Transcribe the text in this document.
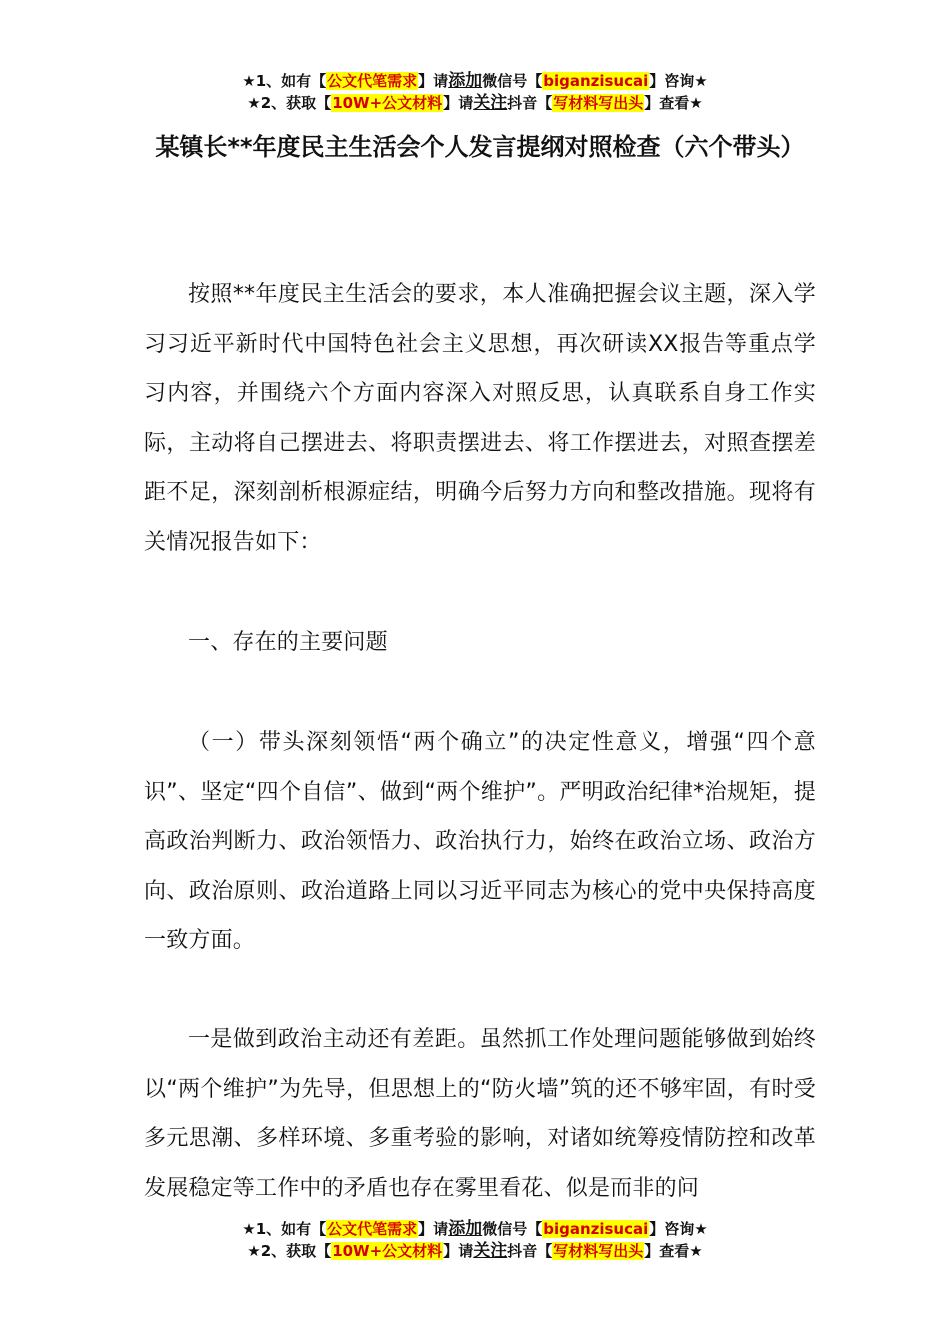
★1、如有【公文代笔需求】请添加微信号【biganzisucai】咨询★
★2、获取【10W+公文材料】请关注抖音【写材料写出头】查看★
某镇长**年度民主生活会个人发言提纲对照检查（六个带头）

按照**年度民主生活会的要求，本人准确把握会议主题，深入学习习近平新时代中国特色社会主义思想，再次研读XX报告等重点学习内容，并围绕六个方面内容深入对照反思，认真联系自身工作实际，主动将自己摆进去、将职责摆进去、将工作摆进去，对照查摆差距不足，深刻剖析根源症结，明确今后努力方向和整改措施。现将有关情况报告如下：

一、存在的主要问题

（一）带头深刻领悟“两个确立”的决定性意义，增强“四个意识”、坚定“四个自信”、做到“两个维护”。严明政治纪律*治规矩，提高政治判断力、政治领悟力、政治执行力，始终在政治立场、政治方向、政治原则、政治道路上同以习近平同志为核心的党中央保持高度一致方面。

一是做到政治主动还有差距。虽然抓工作处理问题能够做到始终以“两个维护”为先导，但思想上的“防火墙”筑的还不够牢固，有时受多元思潮、多样环境、多重考验的影响，对诸如统筹疫情防控和改革发展稳定等工作中的矛盾也存在雾里看花、似是而非的问

★1、如有【公文代笔需求】请添加微信号【biganzisucai】咨询★
★2、获取【10W+公文材料】请关注抖音【写材料写出头】查看★
